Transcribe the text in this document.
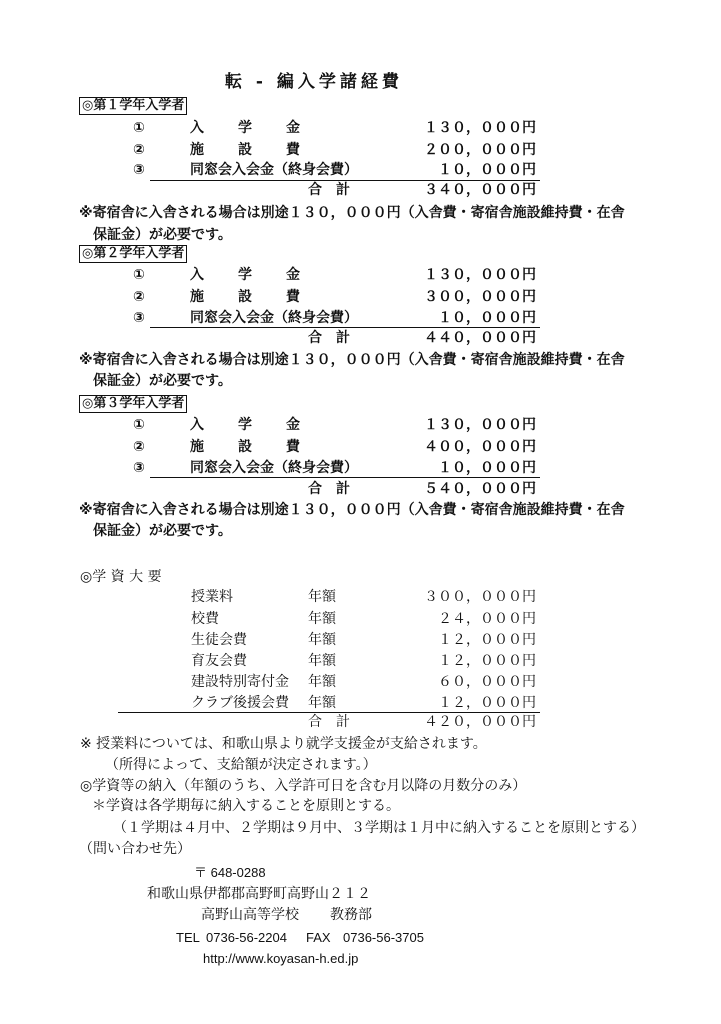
転 - 編入学諸経費
◎第１学年入学者
①	入　学　金	１３０，０００円
②	施　設　費	２００，０００円
③	同窓会入会金（終身会費）	１０，０００円
合　計	３４０，０００円
※寄宿舎に入舎される場合は別途１３０，０００円（入舎費・寄宿舎施設維持費・在舎
保証金）が必要です。
◎第２学年入学者
①	入　学　金	１３０，０００円
②	施　設　費	３００，０００円
③	同窓会入会金（終身会費）	１０，０００円
合　計	４４０，０００円
※寄宿舎に入舎される場合は別途１３０，０００円（入舎費・寄宿舎施設維持費・在舎
保証金）が必要です。
◎第３学年入学者
①	入　学　金	１３０，０００円
②	施　設　費	４００，０００円
③	同窓会入会金（終身会費）	１０，０００円
合　計	５４０，０００円
※寄宿舎に入舎される場合は別途１３０，０００円（入舎費・寄宿舎施設維持費・在舎
保証金）が必要です。
◎学 資 大 要
授業料	年額	３００，０００円
校費	年額	２４，０００円
生徒会費	年額	１２，０００円
育友会費	年額	１２，０００円
建設特別寄付金 年額	６０，０００円
クラブ後援会費 年額	１２，０００円
合　計	４２０，０００円
※ 授業料については、和歌山県より就学支援金が支給されます。
（所得によって、支給額が決定されます。）
◎学資等の納入（年額のうち、入学許可日を含む月以降の月数分のみ）
＊学資は各学期毎に納入することを原則とする。
（１学期は４月中、２学期は９月中、３学期は１月中に納入することを原則とする）
（問い合わせ先）
〒 648-0288
和歌山県伊都郡高野町高野山２１２
高野山高等学校 教務部
TEL 0736-56-2204 FAX 0736-56-3705
http://www.koyasan-h.ed.jp
